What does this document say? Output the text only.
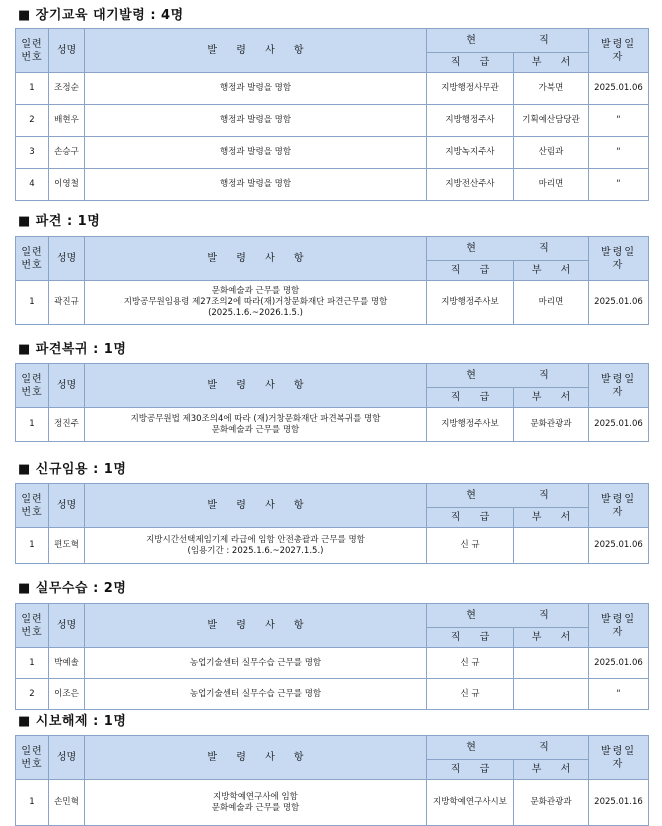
■ 장기교육 대기발령 : 4명
일련번호	성명	발 령 사 항	현 직		발령일자
			직 급	부 서	
1	조정순	행정과 발령을 명함	지방행정사무관	가북면	2025.01.06
2	배현우	행정과 발령을 명함	지방행정주사	기획예산담당관	"
3	손승구	행정과 발령을 명함	지방녹지주사	산림과	"
4	이영철	행정과 발령을 명함	지방전산주사	마리면	"
■ 파견 : 1명
일련번호	성명	발 령 사 항	현 직		발령일자
			직 급	부 서	
1	곽진규	문화예술과 근무를 명함
지방공무원임용령 제27조의2에 따라(재)거창문화재단 파견근무를 명함
(2025.1.6.~2026.1.5.)	지방행정주사보	마리면	2025.01.06
■ 파견복귀 : 1명
일련번호	성명	발 령 사 항	현 직		발령일자
			직 급	부 서	
1	정진주	지방공무원법 제30조의4에 따라 (재)거창문화재단 파견복귀를 명함
문화예술과 근무를 명함	지방행정주사보	문화관광과	2025.01.06
■ 신규임용 : 1명
일련번호	성명	발 령 사 항	현 직		발령일자
			직 급	부 서	
1	편도혁	지방시간선택제임기제 라급에 임함 안전총괄과 근무를 명함
(임용기간 : 2025.1.6.~2027.1.5.)	신 규		2025.01.06
■ 실무수습 : 2명
일련번호	성명	발 령 사 항	현 직		발령일자
			직 급	부 서	
1	박예솔	농업기술센터 실무수습 근무를 명함	신 규		2025.01.06
2	이조은	농업기술센터 실무수습 근무를 명함	신 규		"
■ 시보해제 : 1명
일련번호	성명	발 령 사 항	현 직		발령일자
			직 급	부 서	
1	손민혁	지방학예연구사에 임함
문화예술과 근무를 명함	지방학예연구사시보	문화관광과	2025.01.16
